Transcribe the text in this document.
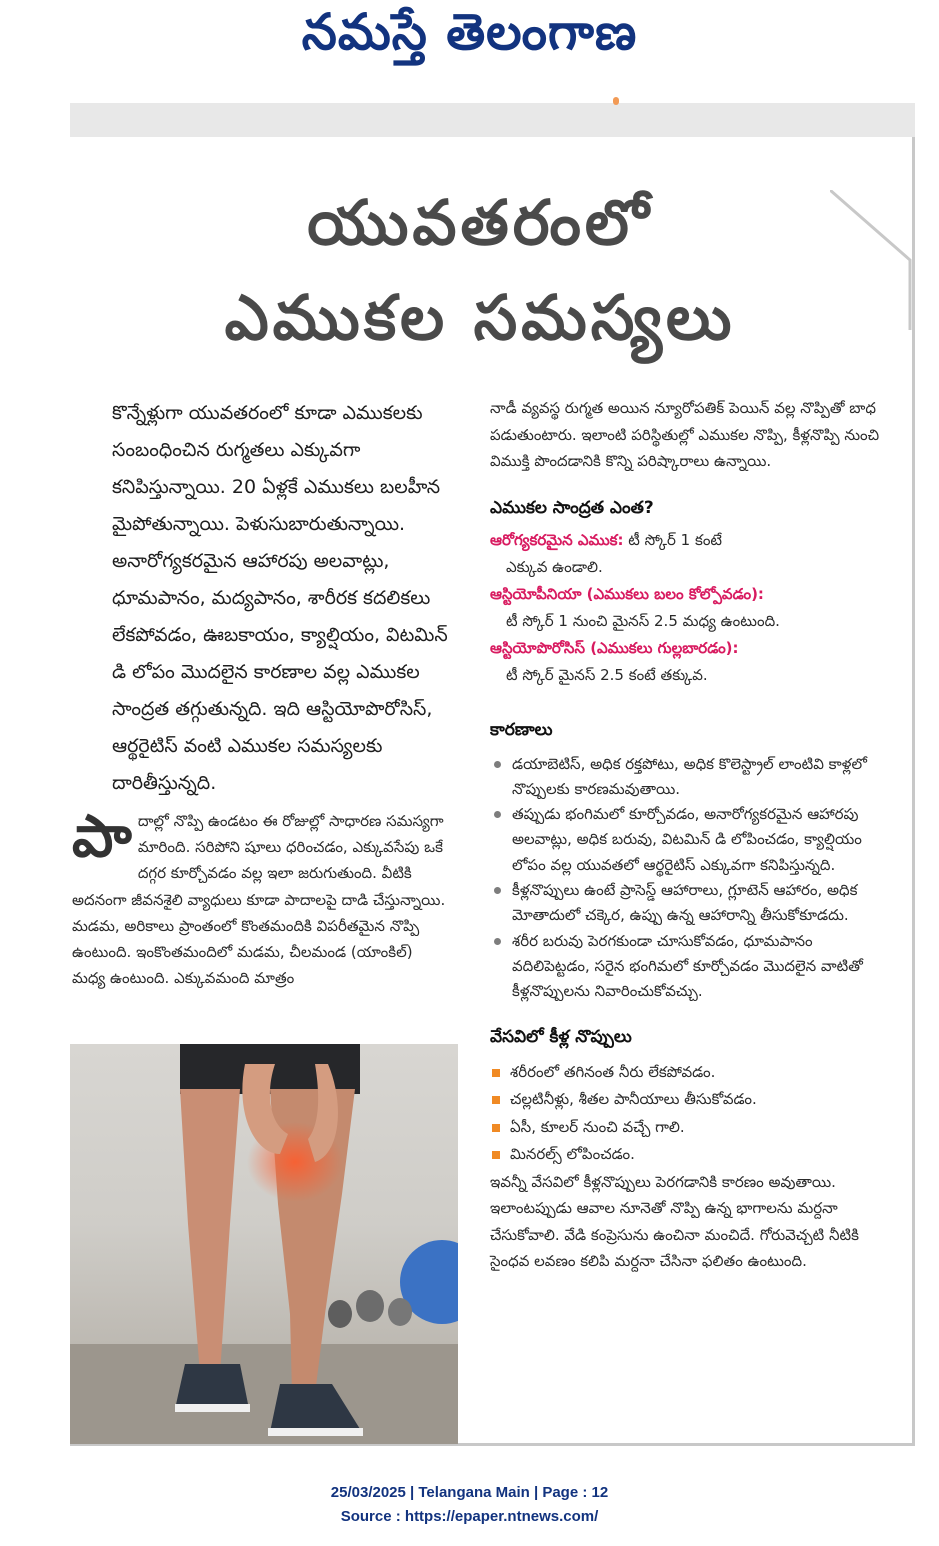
నమస్తే తెలంగాణ
యువతరంలో
ఎముకల సమస్యలు

కొన్నేళ్లుగా యువతరంలో కూడా ఎముకలకు సంబంధించిన రుగ్మతలు ఎక్కువగా కనిపిస్తున్నాయి. 20 ఏళ్లకే ఎముకలు బలహీన మైపోతున్నాయి. పెళుసుబారుతున్నాయి. అనారోగ్యకరమైన ఆహారపు అలవాట్లు, ధూమపానం, మద్యపానం, శారీరక కదలికలు లేకపోవడం, ఊబకాయం, క్యాల్షియం, విటమిన్ డి లోపం మొదలైన కారణాల వల్ల ఎముకల సాంద్రత తగ్గుతున్నది. ఇది ఆస్టియోపొరోసిస్, ఆర్థరైటిస్ వంటి ఎముకల సమస్యలకు దారితీస్తున్నది.

పాదాల్లో నొప్పి ఉండటం ఈ రోజుల్లో సాధారణ సమస్యగా మారింది. సరిపోని షూలు ధరించడం, ఎక్కువసేపు ఒకే దగ్గర కూర్చోవడం వల్ల ఇలా జరుగుతుంది. వీటికి అదనంగా జీవనశైలి వ్యాధులు కూడా పాదాలపై దాడి చేస్తున్నాయి. మడమ, అరికాలు ప్రాంతంలో కొంతమందికి విపరీతమైన నొప్పి ఉంటుంది. ఇంకొంతమందిలో మడమ, చీలమండ (యాంకిల్) మధ్య ఉంటుంది. ఎక్కువమంది మాత్రం

నాడీ వ్యవస్థ రుగ్మత అయిన న్యూరోపతిక్ పెయిన్ వల్ల నొప్పితో బాధ పడుతుంటారు. ఇలాంటి పరిస్థితుల్లో ఎముకల నొప్పి, కీళ్లనొప్పి నుంచి విముక్తి పొందడానికి కొన్ని పరిష్కారాలు ఉన్నాయి.

ఎముకల సాంద్రత ఎంత?

ఆరోగ్యకరమైన ఎముక: టీ స్కోర్ 1 కంటే

ఎక్కువ ఉండాలి.

ఆస్టియోపీనియా (ఎముకలు బలం కోల్పోవడం):

టీ స్కోర్ 1 నుంచి మైనస్ 2.5 మధ్య ఉంటుంది.

ఆస్టియోపొరోసిస్ (ఎముకలు గుల్లబారడం):

టీ స్కోర్ మైనస్ 2.5 కంటే తక్కువ.

కారణాలు

డయాబెటిస్, అధిక రక్తపోటు, అధిక కొలెస్ట్రాల్ లాంటివి కాళ్లలో నొప్పులకు కారణమవుతాయి.
తప్పుడు భంగిమలో కూర్చోవడం, అనారోగ్యకరమైన ఆహారపు అలవాట్లు, అధిక బరువు, విటమిన్ డి లోపించడం, క్యాల్షియం లోపం వల్ల యువతలో ఆర్థరైటిస్ ఎక్కువగా కనిపిస్తున్నది.
కీళ్లనొప్పులు ఉంటే ప్రాసెస్డ్ ఆహారాలు, గ్లూటెన్ ఆహారం, అధిక మోతాదులో చక్కెర, ఉప్పు ఉన్న ఆహారాన్ని తీసుకోకూడదు.
శరీర బరువు పెరగకుండా చూసుకోవడం, ధూమపానం వదిలిపెట్టడం, సరైన భంగిమలో కూర్చోవడం మొదలైన వాటితో కీళ్లనొప్పులను నివారించుకోవచ్చు.

వేసవిలో కీళ్ల నొప్పులు

శరీరంలో తగినంత నీరు లేకపోవడం.
చల్లటినీళ్లు, శీతల పానీయాలు తీసుకోవడం.
ఏసీ, కూలర్ నుంచి వచ్చే గాలి.
మినరల్స్ లోపించడం.

ఇవన్నీ వేసవిలో కీళ్లనొప్పులు పెరగడానికి కారణం అవుతాయి. ఇలాంటప్పుడు ఆవాల నూనెతో నొప్పి ఉన్న భాగాలను మర్దనా చేసుకోవాలి. వేడి కంప్రెసును ఉంచినా మంచిదే. గోరువెచ్చటి నీటికి సైంధవ లవణం కలిపి మర్దనా చేసినా ఫలితం ఉంటుంది.

25/03/2025 | Telangana Main | Page : 12
Source : https://epaper.ntnews.com/
